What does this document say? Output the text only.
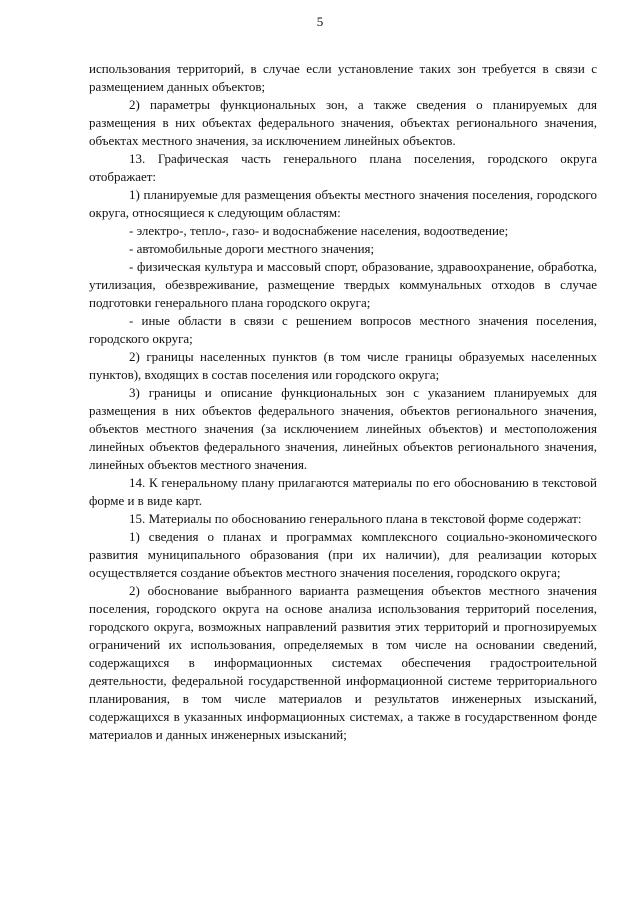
5

использования территорий, в случае если установление таких зон требуется в связи с размещением данных объектов;

2) параметры функциональных зон, а также сведения о планируемых для размещения в них объектах федерального значения, объектах регионального значения, объектах местного значения, за исключением линейных объектов.

13. Графическая часть генерального плана поселения, городского округа отображает:

1) планируемые для размещения объекты местного значения поселения, городского округа, относящиеся к следующим областям:

- электро-, тепло-, газо- и водоснабжение населения, водоотведение;

- автомобильные дороги местного значения;

- физическая культура и массовый спорт, образование, здравоохранение, обработка, утилизация, обезвреживание, размещение твердых коммунальных отходов в случае подготовки генерального плана городского округа;

- иные области в связи с решением вопросов местного значения поселения, городского округа;

2) границы населенных пунктов (в том числе границы образуемых населенных пунктов), входящих в состав поселения или городского округа;

3) границы и описание функциональных зон с указанием планируемых для размещения в них объектов федерального значения, объектов регионального значения, объектов местного значения (за исключением линейных объектов) и местоположения линейных объектов федерального значения, линейных объектов регионального значения, линейных объектов местного значения.

14. К генеральному плану прилагаются материалы по его обоснованию в текстовой форме и в виде карт.

15. Материалы по обоснованию генерального плана в текстовой форме содержат:

1) сведения о планах и программах комплексного социально-экономического развития муниципального образования (при их наличии), для реализации которых осуществляется создание объектов местного значения поселения, городского округа;

2) обоснование выбранного варианта размещения объектов местного значения поселения, городского округа на основе анализа использования территорий поселения, городского округа, возможных направлений развития этих территорий и прогнозируемых ограничений их использования, определяемых в том числе на основании сведений, содержащихся в информационных системах обеспечения градостроительной деятельности, федеральной государственной информационной системе территориального планирования, в том числе материалов и результатов инженерных изысканий, содержащихся в указанных информационных системах, а также в государственном фонде материалов и данных инженерных изысканий;
